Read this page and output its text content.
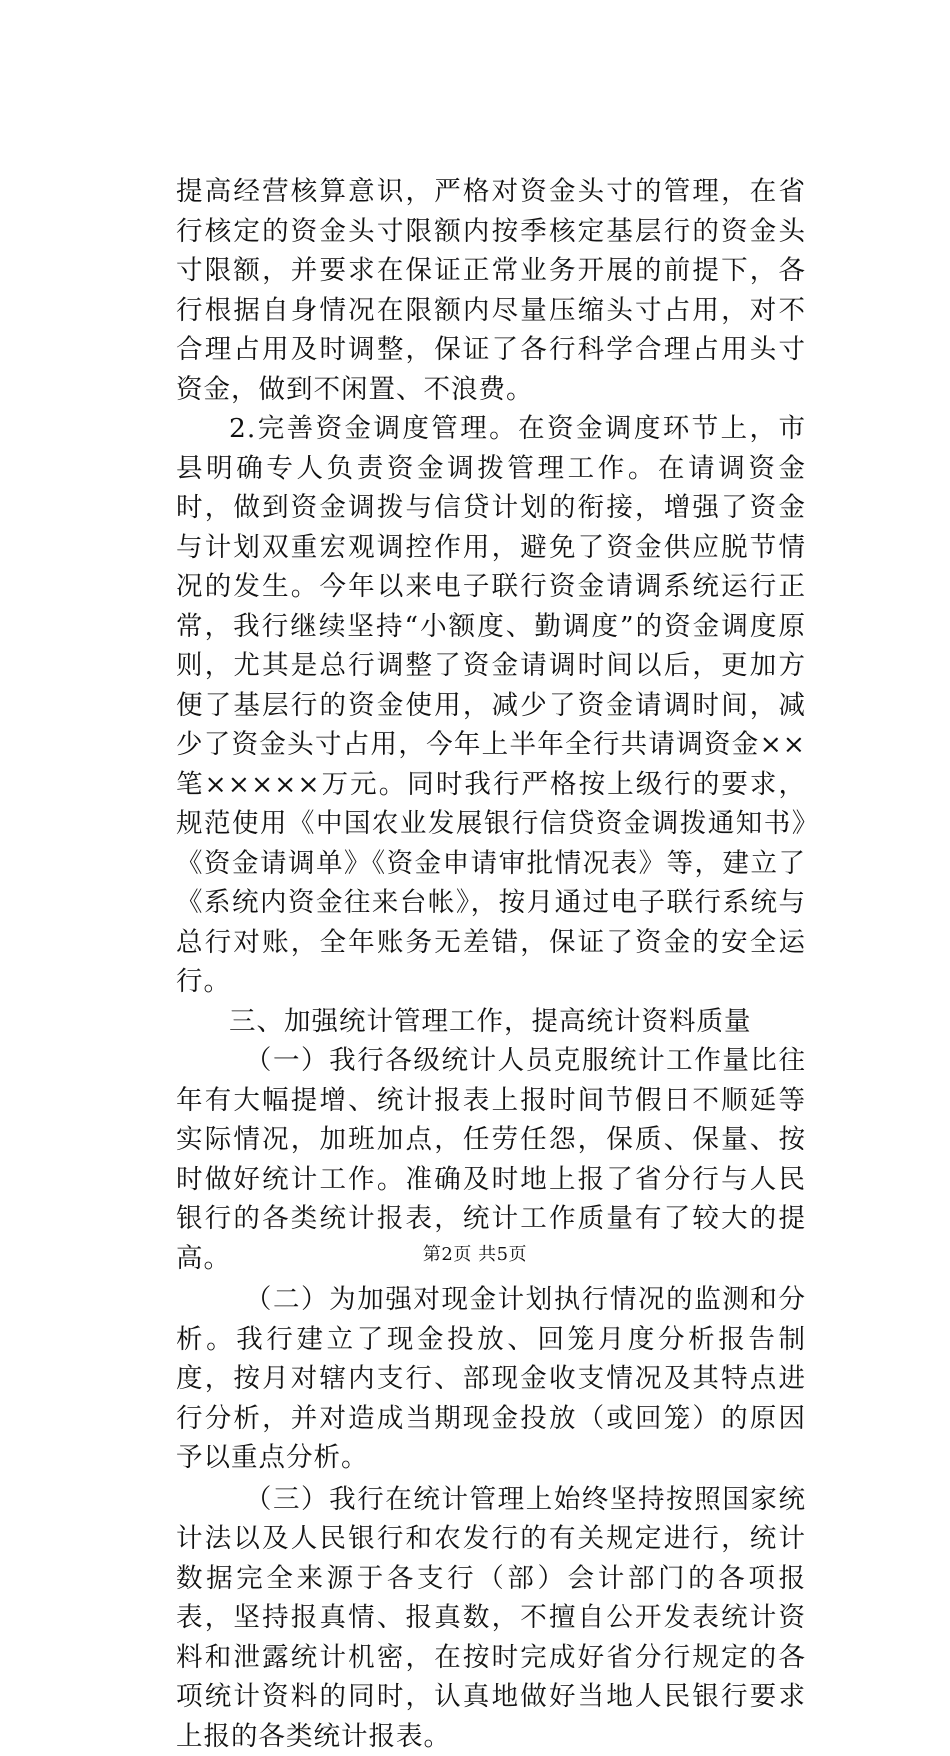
提高经营核算意识，严格对资金头寸的管理，在省行核定的资金头寸限额内按季核定基层行的资金头寸限额，并要求在保证正常业务开展的前提下，各行根据自身情况在限额内尽量压缩头寸占用，对不合理占用及时调整，保证了各行科学合理占用头寸资金，做到不闲置、不浪费。

2.完善资金调度管理。在资金调度环节上，市县明确专人负责资金调拨管理工作。在请调资金时，做到资金调拨与信贷计划的衔接，增强了资金与计划双重宏观调控作用，避免了资金供应脱节情况的发生。今年以来电子联行资金请调系统运行正常，我行继续坚持“小额度、勤调度”的资金调度原则，尤其是总行调整了资金请调时间以后，更加方便了基层行的资金使用，减少了资金请调时间，减少了资金头寸占用，今年上半年全行共请调资金××笔×××××万元。同时我行严格按上级行的要求，规范使用《中国农业发展银行信贷资金调拨通知书》《资金请调单》《资金申请审批情况表》等，建立了《系统内资金往来台帐》，按月通过电子联行系统与总行对账，全年账务无差错，保证了资金的安全运行。

三、加强统计管理工作，提高统计资料质量

（一）我行各级统计人员克服统计工作量比往年有大幅提增、统计报表上报时间节假日不顺延等实际情况，加班加点，任劳任怨，保质、保量、按时做好统计工作。准确及时地上报了省分行与人民银行的各类统计报表，统计工作质量有了较大的提高。

（二）为加强对现金计划执行情况的监测和分析。我行建立了现金投放、回笼月度分析报告制度，按月对辖内支行、部现金收支情况及其特点进行分析，并对造成当期现金投放（或回笼）的原因予以重点分析。

（三）我行在统计管理上始终坚持按照国家统计法以及人民银行和农发行的有关规定进行，统计数据完全来源于各支行（部）会计部门的各项报表，坚持报真情、报真数，不擅自公开发表统计资料和泄露统计机密，在按时完成好省分行规定的各项统计资料的同时，认真地做好当地人民银行要求上报的各类统计报表。

第2页 共5页
